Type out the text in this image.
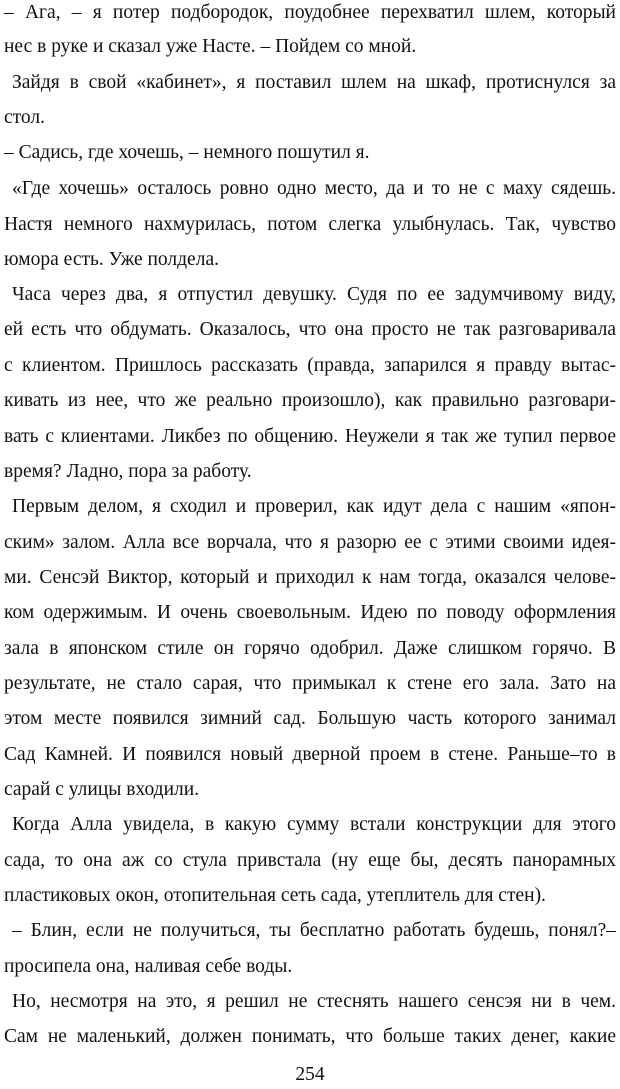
– Ага, – я потер подбородок, поудобнее перехватил шлем, который
нес в руке и сказал уже Насте. – Пойдем со мной.
Зайдя в свой «кабинет», я поставил шлем на шкаф, протиснулся за
стол.
– Садись, где хочешь, – немного пошутил я.
«Где хочешь» осталось ровно одно место, да и то не с маху сядешь.
Настя немного нахмурилась, потом слегка улыбнулась. Так, чувство
юмора есть. Уже полдела.
Часа через два, я отпустил девушку. Судя по ее задумчивому виду,
ей есть что обдумать. Оказалось, что она просто не так разговаривала
с клиентом. Пришлось рассказать (правда, запарился я правду вытас-
кивать из нее, что же реально произошло), как правильно разговари-
вать с клиентами. Ликбез по общению. Неужели я так же тупил первое
время? Ладно, пора за работу.
Первым делом, я сходил и проверил, как идут дела с нашим «япон-
ским» залом. Алла все ворчала, что я разорю ее с этими своими идея-
ми. Сенсэй Виктор, который и приходил к нам тогда, оказался челове-
ком одержимым. И очень своевольным. Идею по поводу оформления
зала в японском стиле он горячо одобрил. Даже слишком горячо. В
результате, не стало сарая, что примыкал к стене его зала. Зато на
этом месте появился зимний сад. Большую часть которого занимал
Сад Камней. И появился новый дверной проем в стене. Раньше–то в
сарай с улицы входили.
Когда Алла увидела, в какую сумму встали конструкции для этого
сада, то она аж со стула привстала (ну еще бы, десять панорамных
пластиковых окон, отопительная сеть сада, утеплитель для стен).
– Блин, если не получиться, ты бесплатно работать будешь, понял?–
просипела она, наливая себе воды.
Но, несмотря на это, я решил не стеснять нашего сенсэя ни в чем.
Сам не маленький, должен понимать, что больше таких денег, какие
254
